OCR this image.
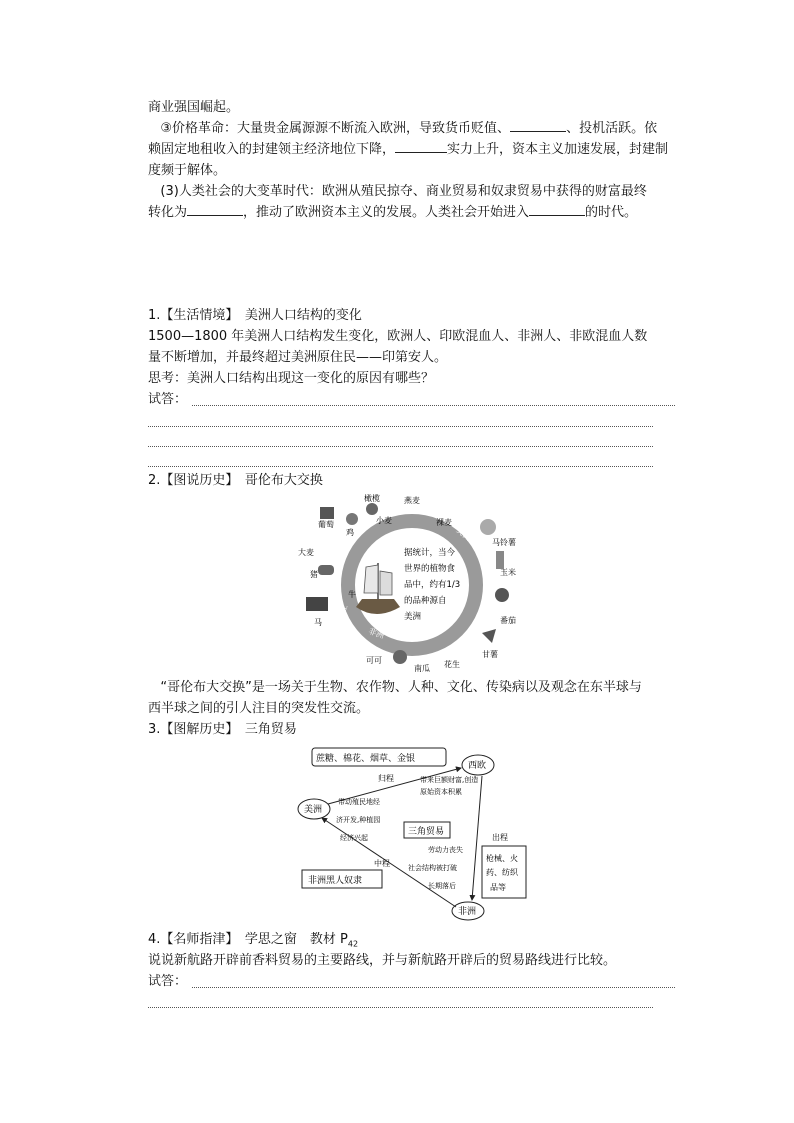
商业强国崛起。
③价格革命：大量贵金属源源不断流入欧洲，导致货币贬值、	、投机活跃。依
赖固定地租收入的封建领主经济地位下降，	实力上升，资本主义加速发展，封建制
度频于解体。
(3)人类社会的大变革时代：欧洲从殖民掠夺、商业贸易和奴隶贸易中获得的财富最终
转化为	，推动了欧洲资本主义的发展。人类社会开始进入	的时代。
1.【生活情境】　美洲人口结构的变化
1500—1800 年美洲人口结构发生变化，欧洲人、印欧混血人、非洲人、非欧混血人数
量不断增加，并最终超过美洲原住民——印第安人。
思考：美洲人口结构出现这一变化的原因有哪些？
试答：
2.【图说历史】　哥伦布大交换
据统计，当今
世界的植物食
品中，约有1/3
的品种源自
美洲
美洲
欧亚
非洲
橄榄	燕麦
小麦	裸麦
葡萄
鸡
大麦
猪
牛
马
马铃薯
玉米
番茄
甘薯
花生
南瓜
可可
“哥伦布大交换”是一场关于生物、农作物、人种、文化、传染病以及观念在东半球与
西半球之间的引人注目的突发性交流。
3.【图解历史】　三角贸易
蔗糖、棉花、烟草、金银
西欧
美洲
非洲
归程
出程
中程
带来巨额财富,创造
原始资本积累
带动殖民地经
济开发,种植园
经济兴起
三角贸易
劳动力丧失
社会结构被打破
长期落后
枪械、火
药、纺织
品等
非洲黑人奴隶
4.【名师指津】　学思之窗　教材 $P_{42}$
说说新航路开辟前香料贸易的主要路线，并与新航路开辟后的贸易路线进行比较。
试答：
